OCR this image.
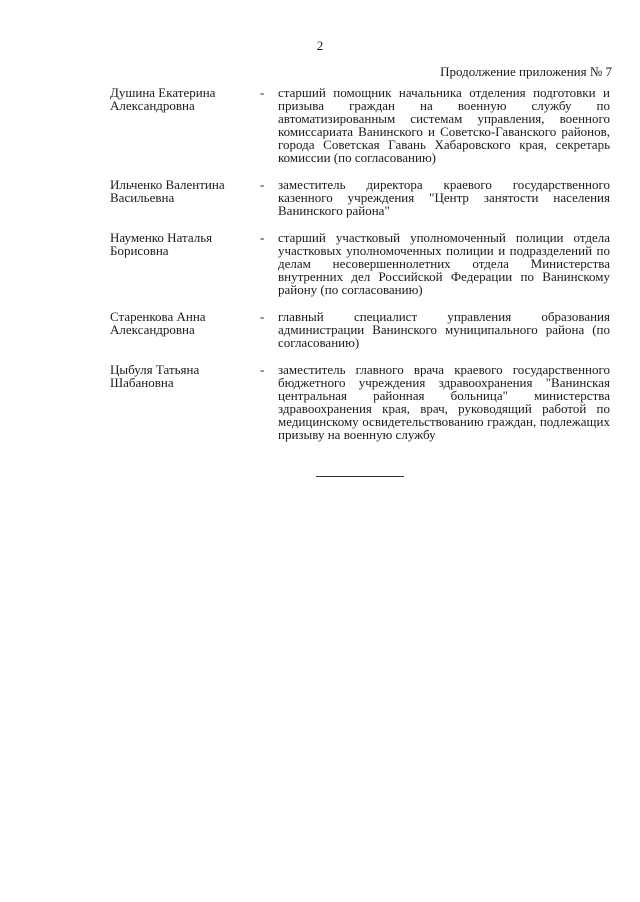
2
Продолжение приложения № 7
Душина Екатерина
Александровна
-	старший помощник начальника отделения подготовки и призыва граждан на военную службу по автоматизированным системам управления, военного комиссариата Ванинского и Советско-Гаванского районов, города Советская Гавань Хабаровского края, секретарь комиссии (по согласованию)
Ильченко Валентина
Васильевна
-	заместитель директора краевого государственного казенного учреждения "Центр занятости населения Ванинского района"
Науменко Наталья
Борисовна
-	старший участковый уполномоченный полиции отдела участковых уполномоченных полиции и подразделений по делам несовершеннолетних отдела Министерства внутренних дел Российской Федерации по Ванинскому району (по согласованию)
Старенкова Анна
Александровна
-	главный специалист управления образования администрации Ванинского муниципального района (по согласованию)
Цыбуля Татьяна
Шабановна
-	заместитель главного врача краевого государственного бюджетного учреждения здравоохранения "Ванинская центральная районная больница" министерства здравоохранения края, врач, руководящий работой по медицинскому освидетельствованию граждан, подлежащих призыву на военную службу
